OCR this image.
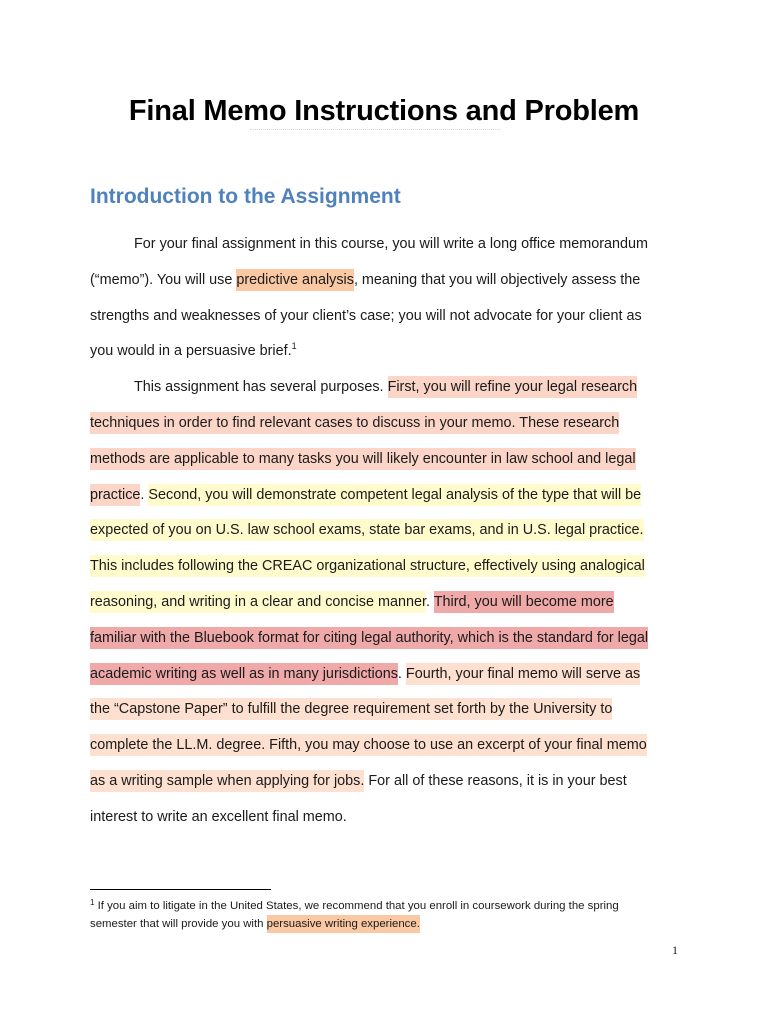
Final Memo Instructions and Problem
Introduction to the Assignment

For your final assignment in this course, you will write a long office memorandum
(“memo”). You will use predictive analysis, meaning that you will objectively assess the
strengths and weaknesses of your client’s case; you will not advocate for your client as
you would in a persuasive brief.$^1$

This assignment has several purposes. First, you will refine your legal research
techniques in order to find relevant cases to discuss in your memo. These research
methods are applicable to many tasks you will likely encounter in law school and legal
practice. Second, you will demonstrate competent legal analysis of the type that will be
expected of you on U.S. law school exams, state bar exams, and in U.S. legal practice.
This includes following the CREAC organizational structure, effectively using analogical
reasoning, and writing in a clear and concise manner. Third, you will become more
familiar with the Bluebook format for citing legal authority, which is the standard for legal
academic writing as well as in many jurisdictions. Fourth, your final memo will serve as
the “Capstone Paper” to fulfill the degree requirement set forth by the University to
complete the LL.M. degree. Fifth, you may choose to use an excerpt of your final memo
as a writing sample when applying for jobs. For all of these reasons, it is in your best
interest to write an excellent final memo.

$^1$ If you aim to litigate in the United States, we recommend that you enroll in coursework during the spring
semester that will provide you with persuasive writing experience.

1
